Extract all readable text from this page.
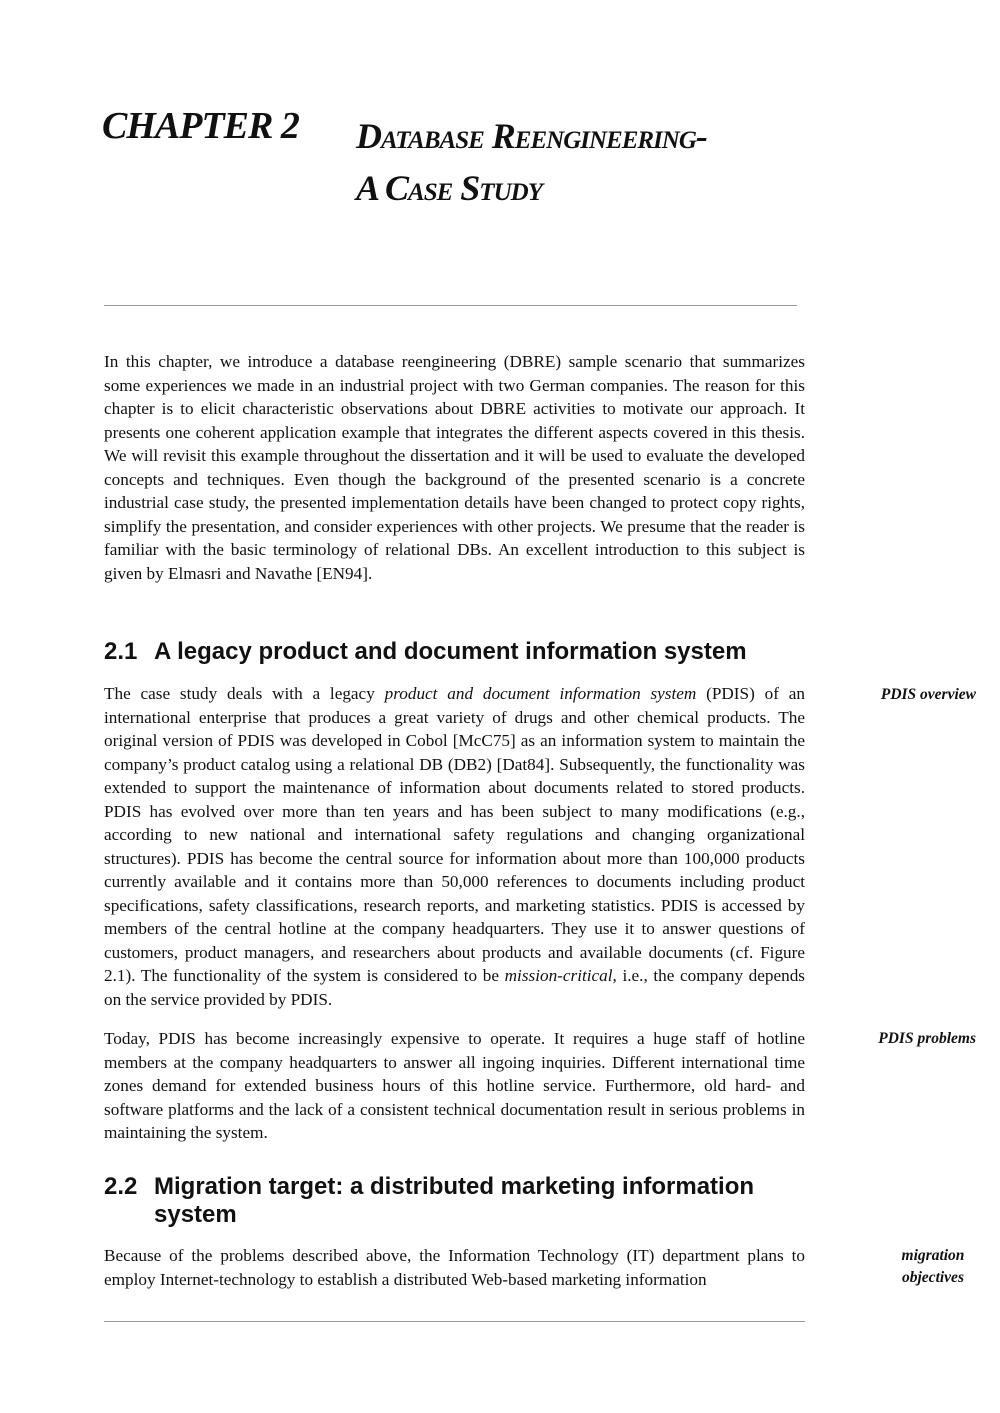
CHAPTER 2 Database Reengineering-
A Case Study

In this chapter, we introduce a database reengineering (DBRE) sample scenario that summarizes some experiences we made in an industrial project with two German companies. The reason for this chapter is to elicit characteristic observations about DBRE activities to motivate our approach. It presents one coherent application example that integrates the different aspects covered in this thesis. We will revisit this example throughout the dissertation and it will be used to evaluate the developed concepts and techniques. Even though the background of the presented scenario is a concrete industrial case study, the presented implementation details have been changed to protect copy rights, simplify the presentation, and consider experiences with other projects. We presume that the reader is familiar with the basic terminology of relational DBs. An excellent introduction to this subject is given by Elmasri and Navathe [EN94].

2.1 A legacy product and document information system

PDIS overview

The case study deals with a legacy product and document information system (PDIS) of an international enterprise that produces a great variety of drugs and other chemical products. The original version of PDIS was developed in Cobol [McC75] as an information system to maintain the company’s product catalog using a relational DB (DB2) [Dat84]. Subsequently, the functionality was extended to support the maintenance of information about documents related to stored products. PDIS has evolved over more than ten years and has been subject to many modifications (e.g., according to new national and international safety regulations and changing organizational structures). PDIS has become the central source for information about more than 100,000 products currently available and it contains more than 50,000 references to documents including product specifications, safety classifications, research reports, and marketing statistics. PDIS is accessed by members of the central hotline at the company headquarters. They use it to answer questions of customers, product managers, and researchers about products and available documents (cf. Figure 2.1). The functionality of the system is considered to be mission-critical, i.e., the company depends on the service provided by PDIS.

PDIS problems

Today, PDIS has become increasingly expensive to operate. It requires a huge staff of hotline members at the company headquarters to answer all ingoing inquiries. Different international time zones demand for extended business hours of this hotline service. Furthermore, old hard- and software platforms and the lack of a consistent technical documentation result in serious problems in maintaining the system.

2.2 Migration target: a distributed marketing information
system
migration
objectives

Because of the problems described above, the Information Technology (IT) department plans to employ Internet-technology to establish a distributed Web-based marketing information
